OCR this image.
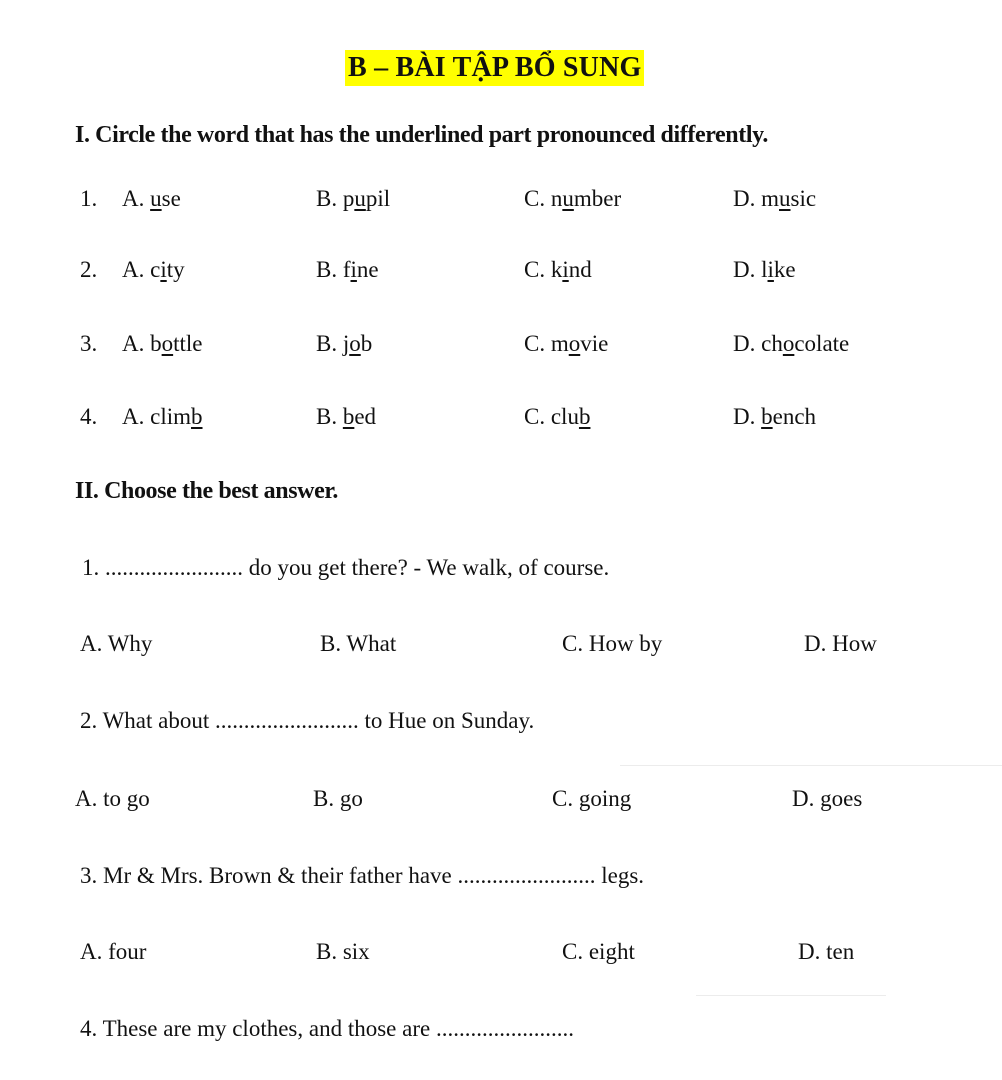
B – BÀI TẬP BỔ SUNG
I. Circle the word that has the underlined part pronounced differently.
1. A. use	B. pupil	C. number	D. music
2. A. city	B. fine	C. kind	D. like
3. A. bottle	B. job	C. movie	D. chocolate
4. A. climb	B. bed	C. club	D. bench
II. Choose the best answer.
1. ........................ do you get there? - We walk, of course.
A. Why	B. What	C. How by	D. How
2. What about ......................... to Hue on Sunday.
A. to go	B. go	C. going	D. goes
3. Mr & Mrs. Brown & their father have ........................ legs.
A. four	B. six	C. eight	D. ten
4. These are my clothes, and those are ........................
